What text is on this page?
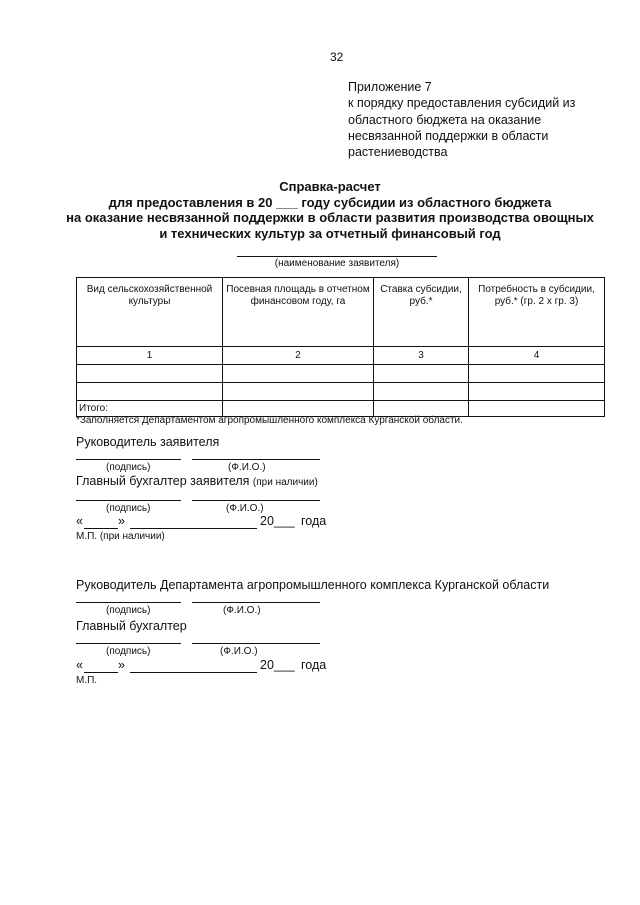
32
Приложение 7
к порядку предоставления субсидий из
областного бюджета на оказание
несвязанной поддержки в области
растениеводства
Справка-расчет
для предоставления в 20 ___ году субсидии из областного бюджета
на оказание несвязанной поддержки в области развития производства овощных
и технических культур за отчетный финансовый год
(наименование заявителя)
Вид сельскохозяйственной культуры	Посевная площадь в отчетном финансовом году, га	Ставка субсидии, руб.*	Потребность в субсидии, руб.* (гр. 2 х гр. 3)
1	2	3	4

Итого:			
*Заполняется Департаментом агропромышленного комплекса Курганской области.
Руководитель заявителя
(подпись)	(Ф.И.О.)
Главный бухгалтер заявителя (при наличии)
(подпись)	(Ф.И.О.)
«	»	20___ года
М.П. (при наличии)
Руководитель Департамента агропромышленного комплекса Курганской области
(подпись)	(Ф.И.О.)
Главный бухгалтер
(подпись)	(Ф.И.О.)
«	»	20___ года
М.П.
